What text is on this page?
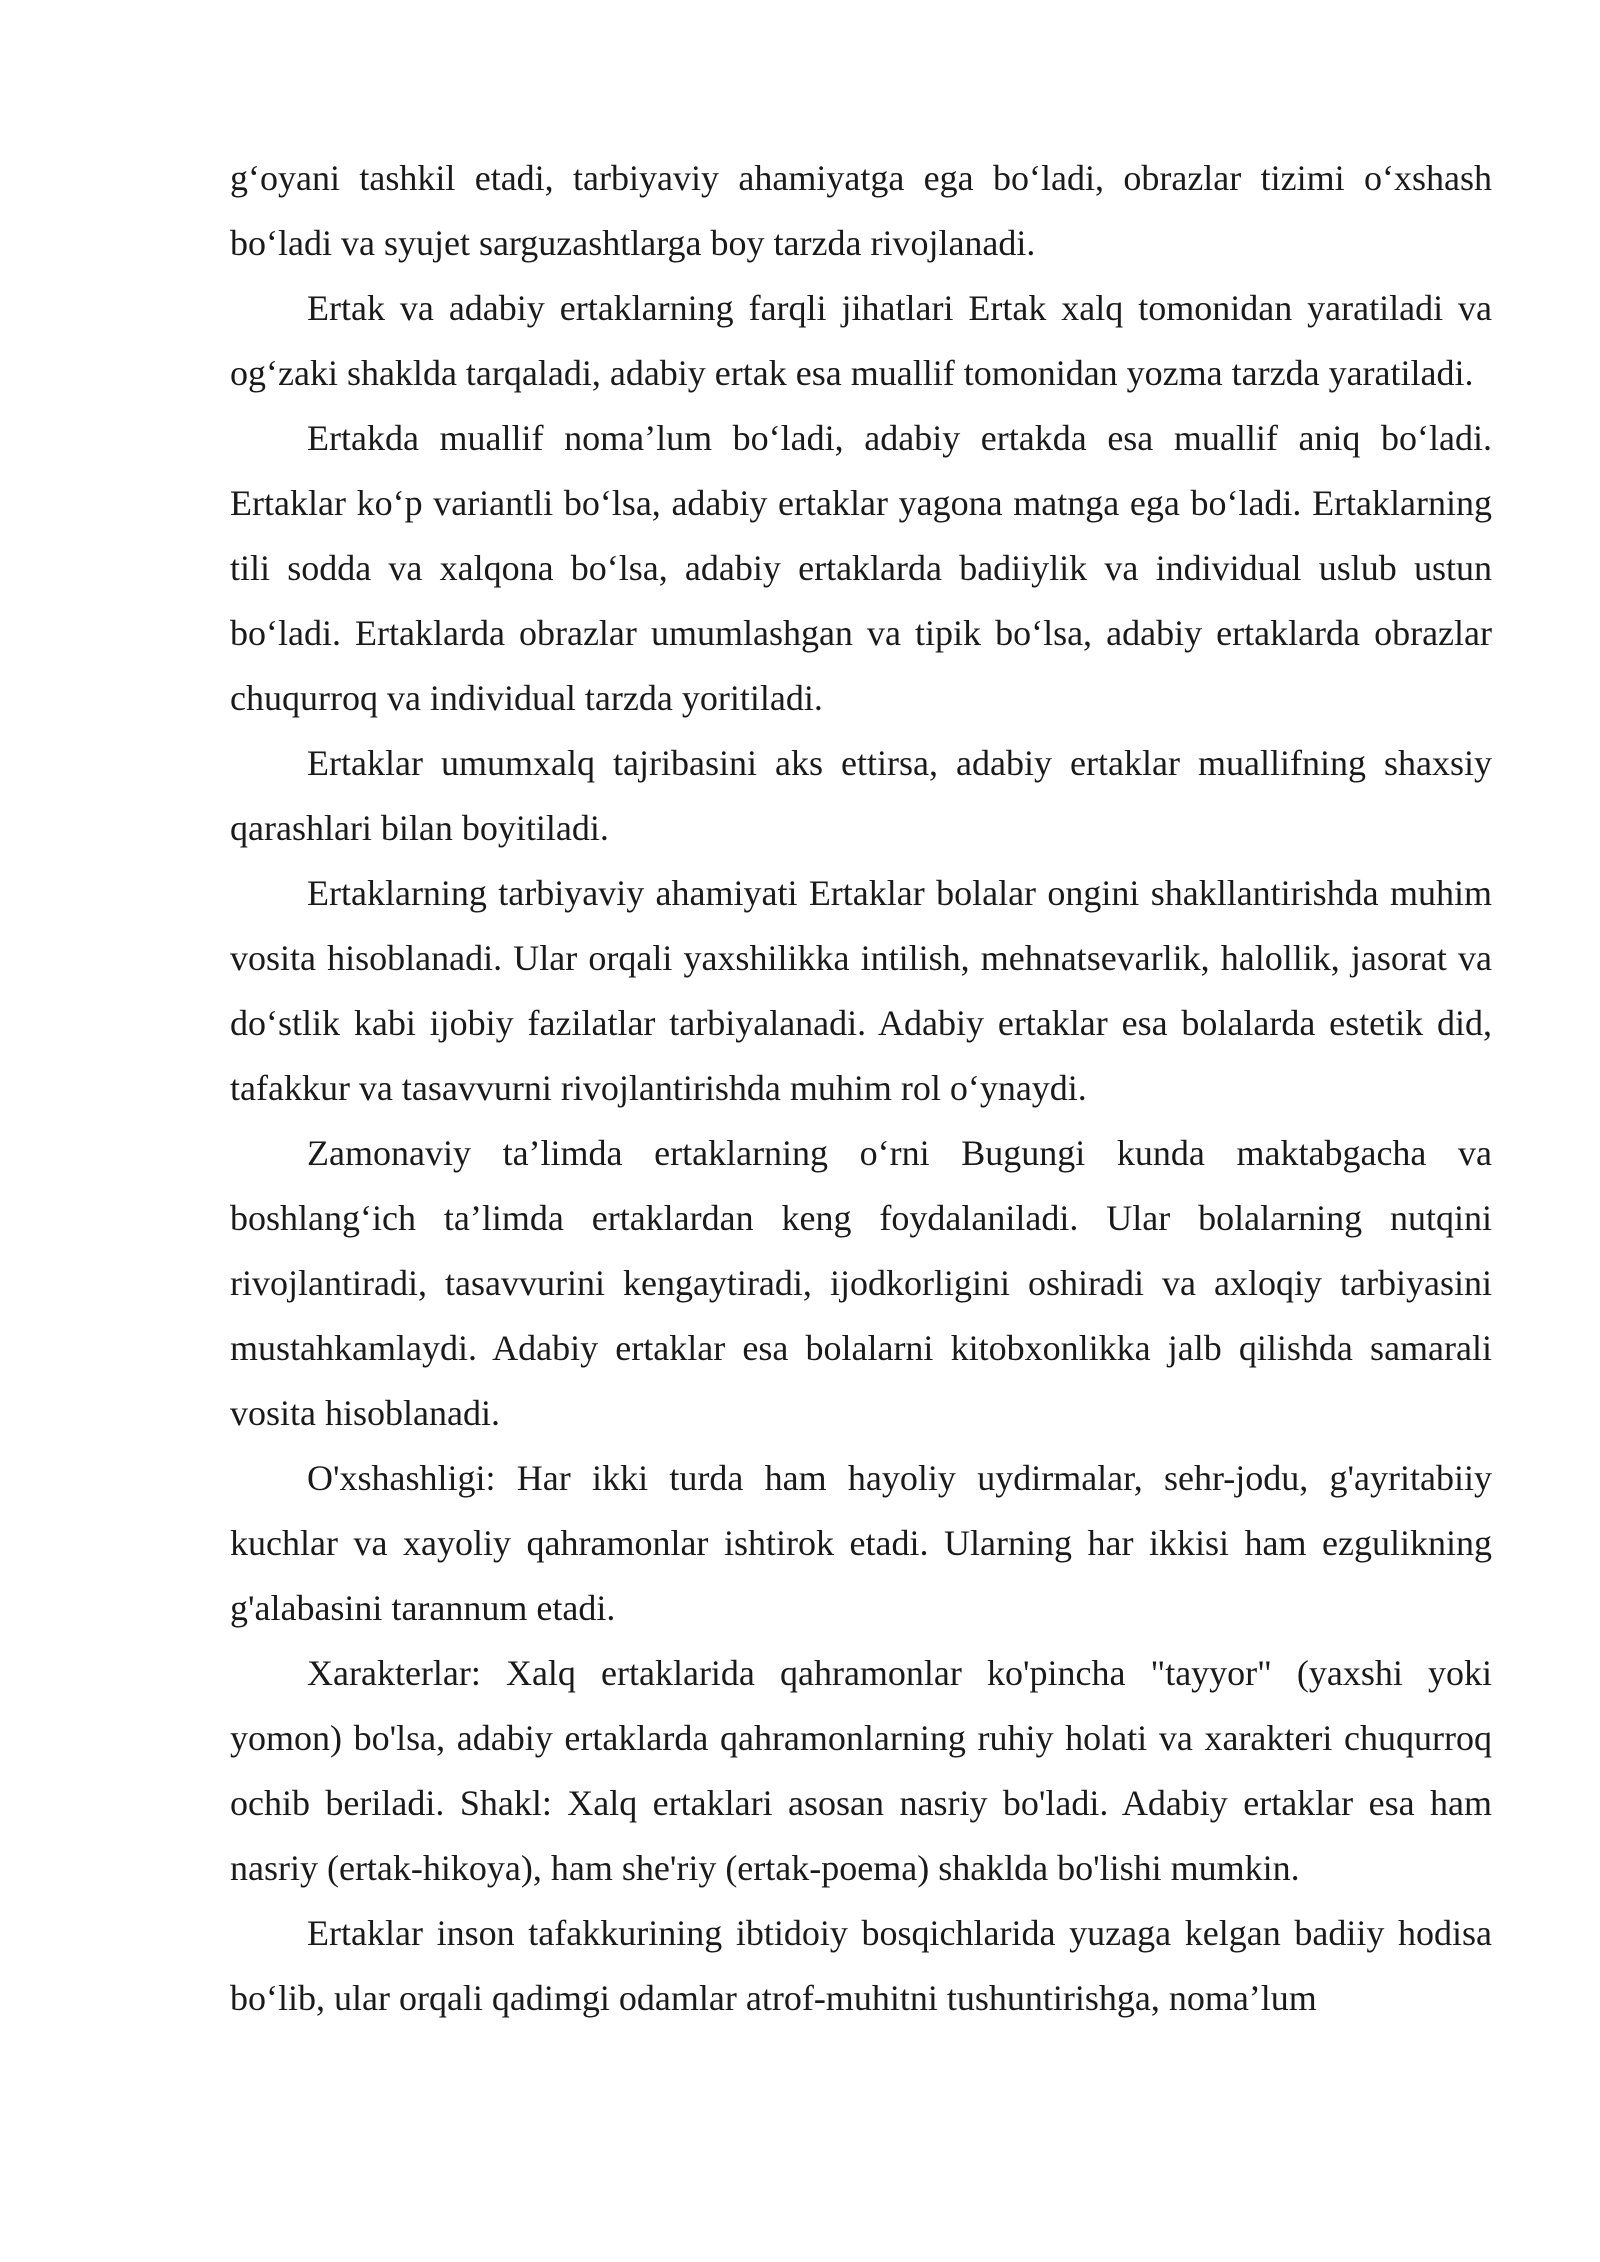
g‘oyani tashkil etadi, tarbiyaviy ahamiyatga ega bo‘ladi, obrazlar tizimi o‘xshash bo‘ladi va syujet sarguzashtlarga boy tarzda rivojlanadi.

Ertak va adabiy ertaklarning farqli jihatlari Ertak xalq tomonidan yaratiladi va og‘zaki shaklda tarqaladi, adabiy ertak esa muallif tomonidan yozma tarzda yaratiladi.

Ertakda muallif noma’lum bo‘ladi, adabiy ertakda esa muallif aniq bo‘ladi. Ertaklar ko‘p variantli bo‘lsa, adabiy ertaklar yagona matnga ega bo‘ladi. Ertaklarning tili sodda va xalqona bo‘lsa, adabiy ertaklarda badiiylik va individual uslub ustun bo‘ladi. Ertaklarda obrazlar umumlashgan va tipik bo‘lsa, adabiy ertaklarda obrazlar chuqurroq va individual tarzda yoritiladi.

Ertaklar umumxalq tajribasini aks ettirsa, adabiy ertaklar muallifning shaxsiy qarashlari bilan boyitiladi.

Ertaklarning tarbiyaviy ahamiyati Ertaklar bolalar ongini shakllantirishda muhim vosita hisoblanadi. Ular orqali yaxshilikka intilish, mehnatsevarlik, halollik, jasorat va do‘stlik kabi ijobiy fazilatlar tarbiyalanadi. Adabiy ertaklar esa bolalarda estetik did, tafakkur va tasavvurni rivojlantirishda muhim rol o‘ynaydi.

Zamonaviy ta’limda ertaklarning o‘rni Bugungi kunda maktabgacha va boshlang‘ich ta’limda ertaklardan keng foydalaniladi. Ular bolalarning nutqini rivojlantiradi, tasavvurini kengaytiradi, ijodkorligini oshiradi va axloqiy tarbiyasini mustahkamlaydi. Adabiy ertaklar esa bolalarni kitobxonlikka jalb qilishda samarali vosita hisoblanadi.

O'xshashligi: Har ikki turda ham hayoliy uydirmalar, sehr-jodu, g'ayritabiiy kuchlar va xayoliy qahramonlar ishtirok etadi. Ularning har ikkisi ham ezgulikning g'alabasini tarannum etadi.

Xarakterlar: Xalq ertaklarida qahramonlar ko'pincha "tayyor" (yaxshi yoki yomon) bo'lsa, adabiy ertaklarda qahramonlarning ruhiy holati va xarakteri chuqurroq ochib beriladi. Shakl: Xalq ertaklari asosan nasriy bo'ladi. Adabiy ertaklar esa ham nasriy (ertak-hikoya), ham she'riy (ertak-poema) shaklda bo'lishi mumkin.

Ertaklar inson tafakkurining ibtidoiy bosqichlarida yuzaga kelgan badiiy hodisa bo‘lib, ular orqali qadimgi odamlar atrof-muhitni tushuntirishga, noma’lum
